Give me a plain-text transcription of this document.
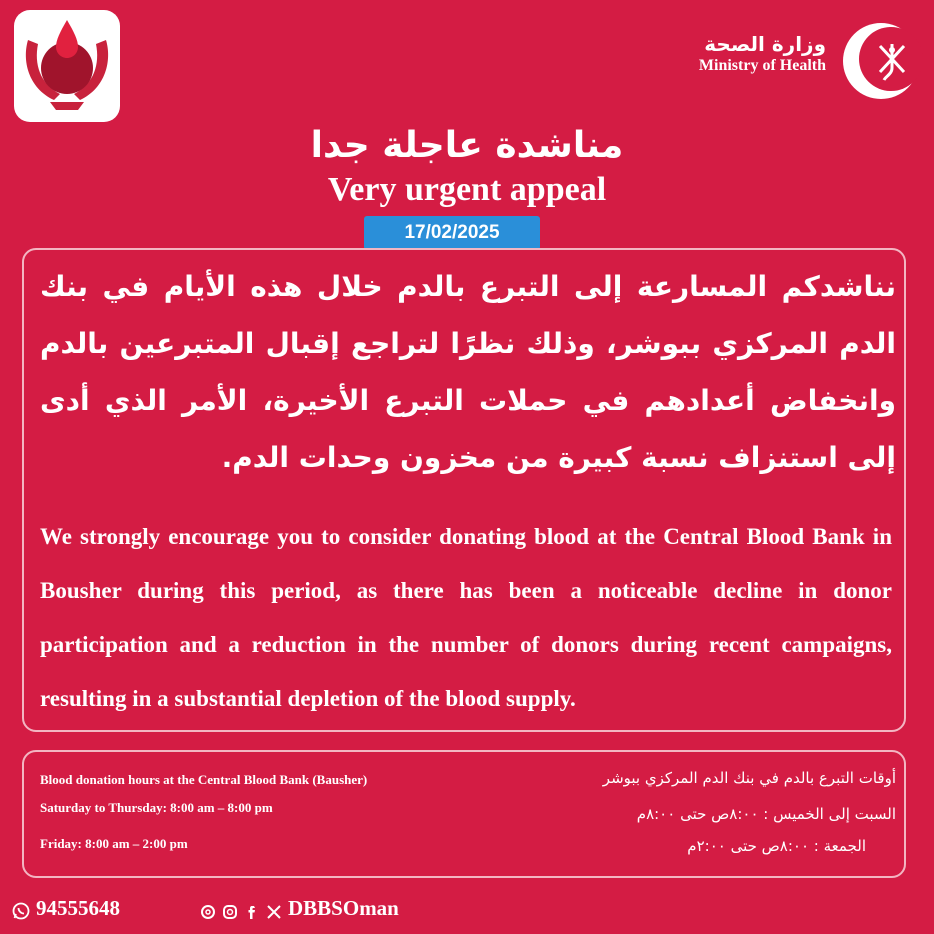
وزارة الصحة
Ministry of Health
مناشدة عاجلة جدا
Very urgent appeal
17/02/2025
نناشدكم المسارعة إلى التبرع بالدم خلال هذه الأيام في بنك الدم المركزي ببوشر، وذلك نظرًا لتراجع إقبال المتبرعين بالدم وانخفاض أعدادهم في حملات التبرع الأخيرة، الأمر الذي أدى إلى استنزاف نسبة كبيرة من مخزون وحدات الدم.
We strongly encourage you to consider donating blood at the Central Blood Bank in Bousher during this period, as there has been a noticeable decline in donor participation and a reduction in the number of donors during recent campaigns, resulting in a substantial depletion of the blood supply.
Blood donation hours at the Central Blood Bank (Bausher)
Saturday to Thursday: 8:00 am – 8:00 pm
Friday: 8:00 am – 2:00 pm
أوقات التبرع بالدم في بنك الدم المركزي ببوشر
السبت إلى الخميس : ٨:٠٠ص حتى ٨:٠٠م
الجمعة : ٨:٠٠ص حتى ٢:٠٠م
94555648	DBBSOman
